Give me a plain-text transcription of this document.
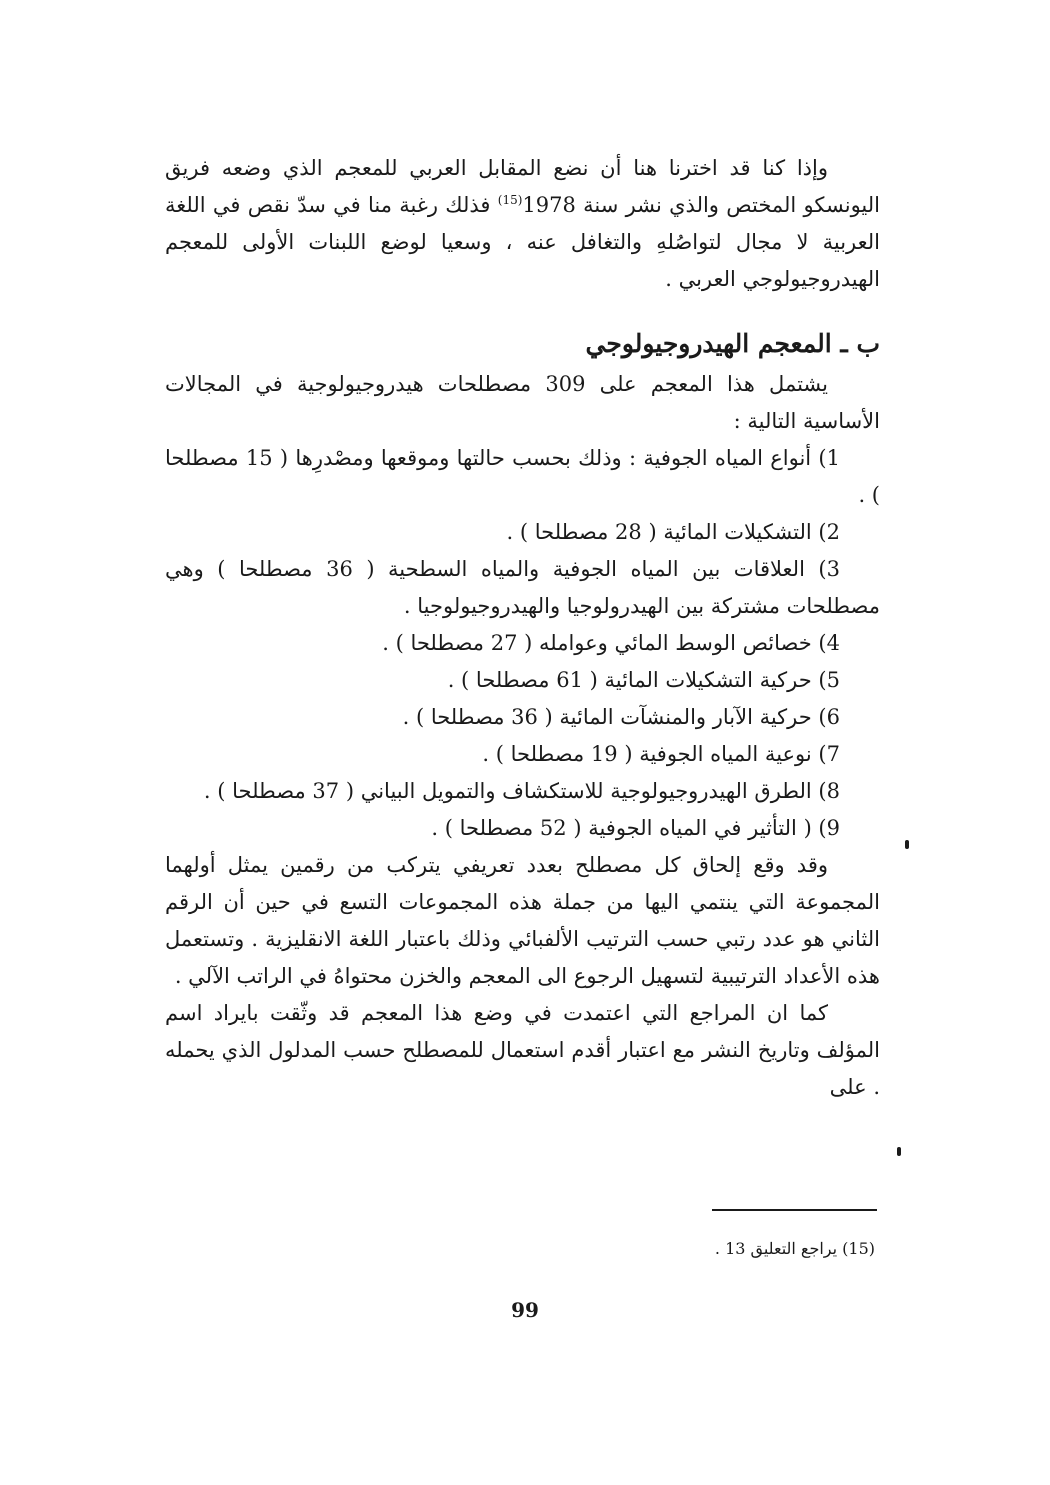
وإذا كنا قد اخترنا هنا أن نضع المقابل العربي للمعجم الذي وضعه فريق اليونسكو المختص والذي نشر سنة 1978$^{(15)}$ فذلك رغبة منا في سدّ نقص في اللغة العربية لا مجال لتواصُلهِ والتغافل عنه ، وسعيا لوضع اللبنات الأولى للمعجم الهيدروجيولوجي العربي .

ب ـ المعجم الهيدروجيولوجي

يشتمل هذا المعجم على 309 مصطلحات هيدروجيولوجية في المجالات الأساسية التالية :

1) أنواع المياه الجوفية : وذلك بحسب حالتها وموقعها ومصْدرِها ( 15 مصطلحا ) .

2) التشكيلات المائية ( 28 مصطلحا ) .

3) العلاقات بين المياه الجوفية والمياه السطحية ( 36 مصطلحا ) وهي مصطلحات مشتركة بين الهيدرولوجيا والهيدروجيولوجيا .

4) خصائص الوسط المائي وعوامله ( 27 مصطلحا ) .

5) حركية التشكيلات المائية ( 61 مصطلحا ) .

6) حركية الآبار والمنشآت المائية ( 36 مصطلحا ) .

7) نوعية المياه الجوفية ( 19 مصطلحا ) .

8) الطرق الهيدروجيولوجية للاستكشاف والتمويل البياني ( 37 مصطلحا ) .

9) ( التأثير في المياه الجوفية ( 52 مصطلحا ) .

وقد وقع إلحاق كل مصطلح بعدد تعريفي يتركب من رقمين يمثل أولهما المجموعة التي ينتمي اليها من جملة هذه المجموعات التسع في حين أن الرقم الثاني هو عدد رتبي حسب الترتيب الألفبائي وذلك باعتبار اللغة الانقليزية . وتستعمل هذه الأعداد الترتيبية لتسهيل الرجوع الى المعجم والخزن محتواهُ في الراتب الآلي .

كما ان المراجع التي اعتمدت في وضع هذا المعجم قد وثّقت بايراد اسم المؤلف وتاريخ النشر مع اعتبار أقدم استعمال للمصطلح حسب المدلول الذي يحمله . على

(15) يراجع التعليق 13 .
99
